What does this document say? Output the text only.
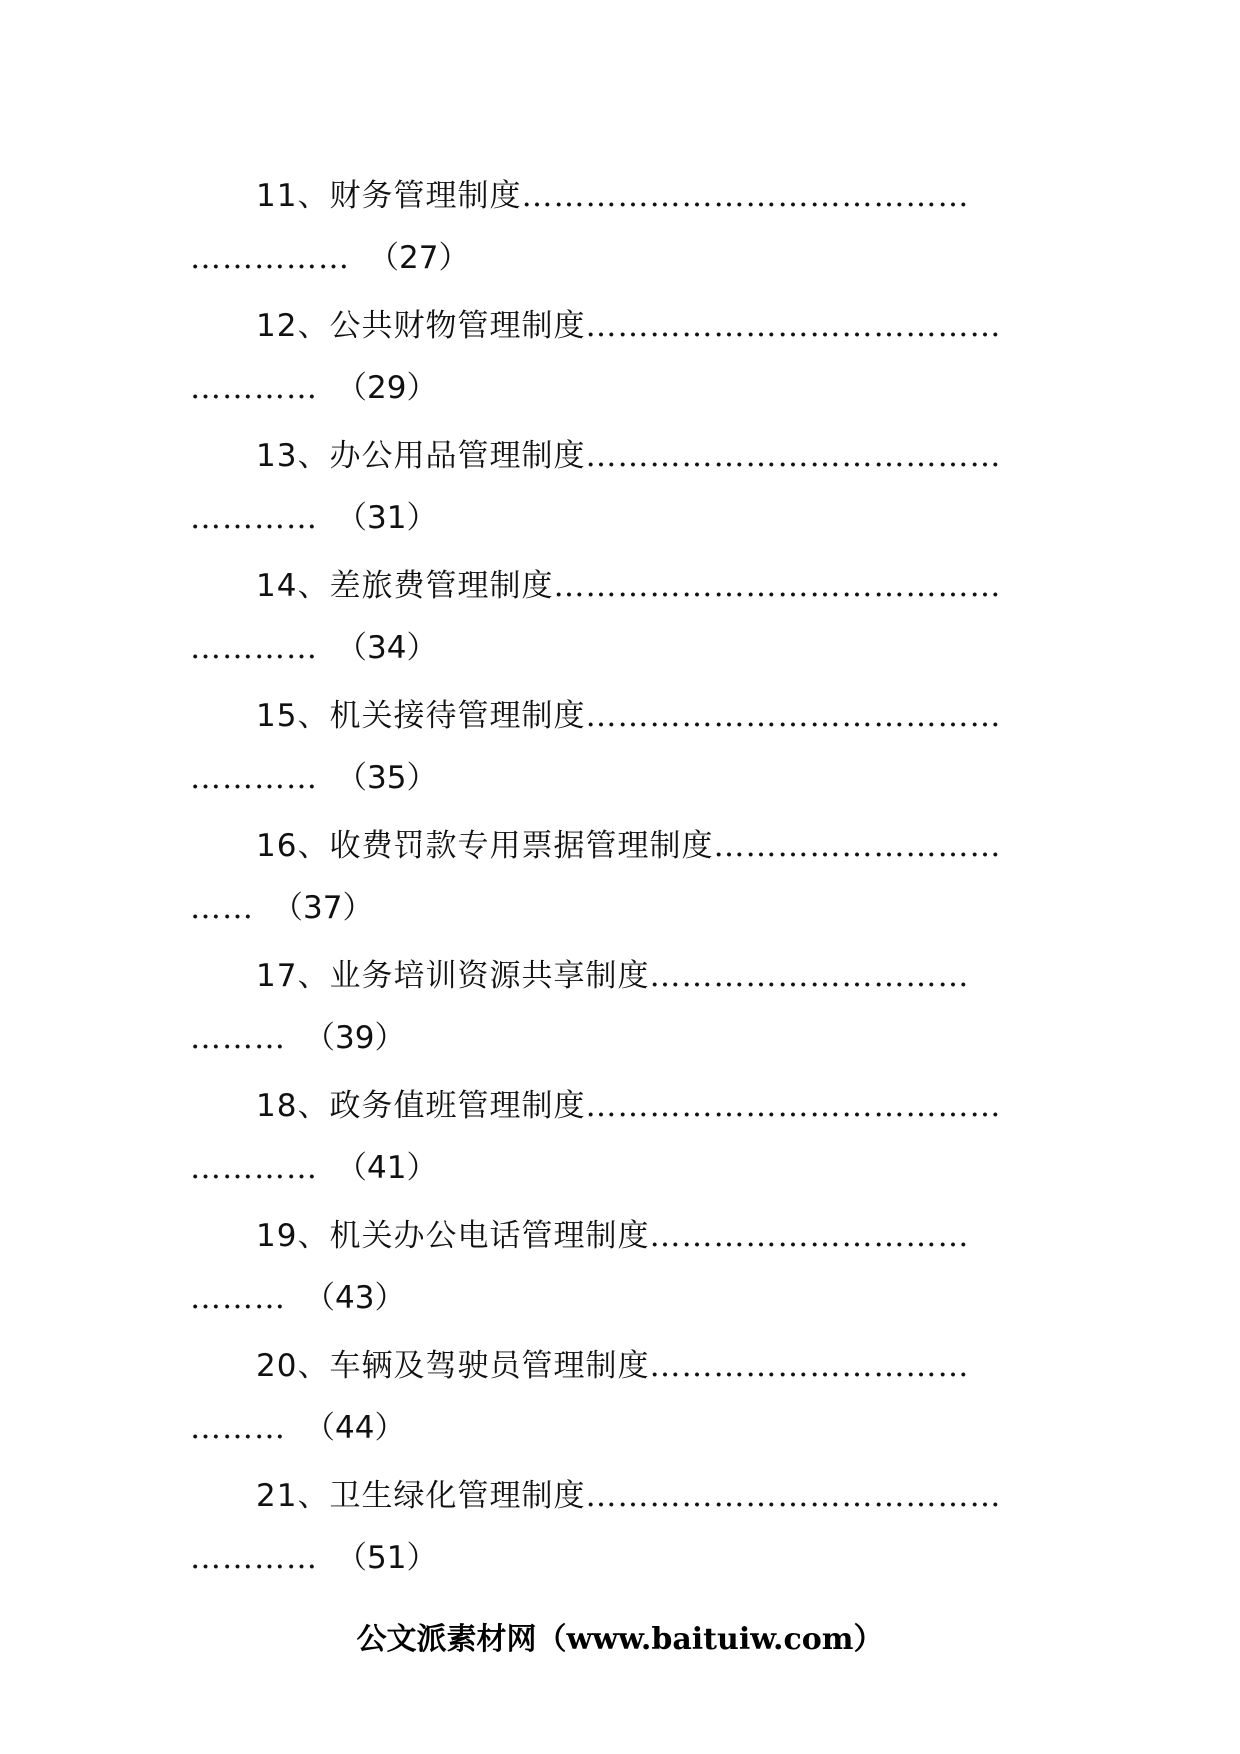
11、财务管理制度……………………………………
…………… （27）
12、公共财物管理制度…………………………………
………… （29）
13、办公用品管理制度…………………………………
………… （31）
14、差旅费管理制度……………………………………
………… （34）
15、机关接待管理制度…………………………………
………… （35）
16、收费罚款专用票据管理制度………………………
…… （37）
17、业务培训资源共享制度…………………………
……… （39）
18、政务值班管理制度…………………………………
………… （41）
19、机关办公电话管理制度…………………………
……… （43）
20、车辆及驾驶员管理制度…………………………
……… （44）
21、卫生绿化管理制度…………………………………
………… （51）
公文派素材网（www.baituiw.com）
